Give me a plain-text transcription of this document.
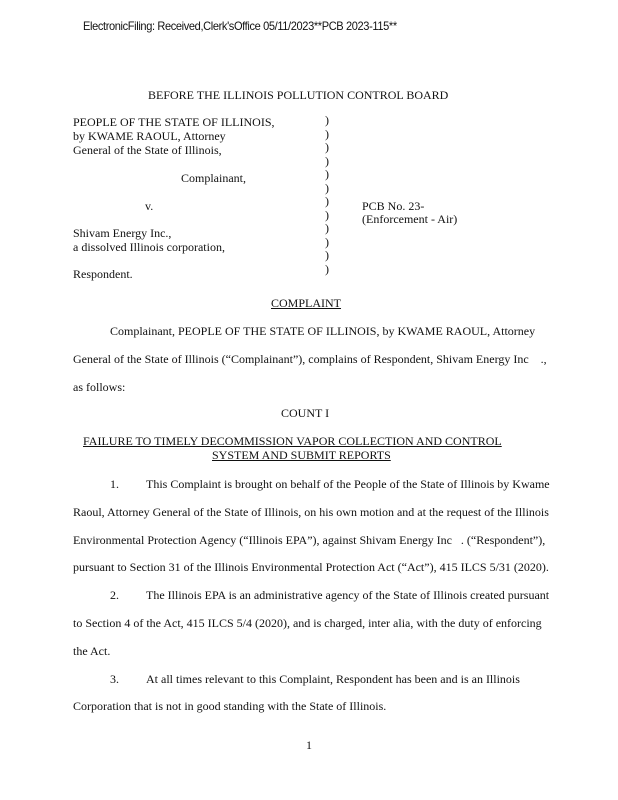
ElectronicFiling: Received,Clerk'sOffice 05/11/2023**PCB 2023-115**
BEFORE THE ILLINOIS POLLUTION CONTROL BOARD
PEOPLE OF THE STATE OF ILLINOIS,
by KWAME RAOUL, Attorney
General of the State of Illinois,
Complainant,
v.
Shivam Energy Inc.,
a dissolved Illinois corporation,
Respondent.
)
)
)
)
)
)
)
)
)
)
)
)
PCB No. 23-
(Enforcement - Air)
COMPLAINT
Complainant, PEOPLE OF THE STATE OF ILLINOIS, by KWAME RAOUL, Attorney
General of the State of Illinois (“Complainant”), complains of Respondent, Shivam Energy Inc    .,
as follows:
COUNT I
FAILURE TO TIMELY DECOMMISSION VAPOR COLLECTION AND CONTROL
SYSTEM AND SUBMIT REPORTS
1. This Complaint is brought on behalf of the People of the State of Illinois by Kwame
Raoul, Attorney General of the State of Illinois, on his own motion and at the request of the Illinois
Environmental Protection Agency (“Illinois EPA”), against Shivam Energy Inc   . (“Respondent”),
pursuant to Section 31 of the Illinois Environmental Protection Act (“Act”), 415 ILCS 5/31 (2020).
2. The Illinois EPA is an administrative agency of the State of Illinois created pursuant
to Section 4 of the Act, 415 ILCS 5/4 (2020), and is charged, inter alia, with the duty of enforcing
the Act.
3. At all times relevant to this Complaint, Respondent has been and is an Illinois
Corporation that is not in good standing with the State of Illinois.
1
